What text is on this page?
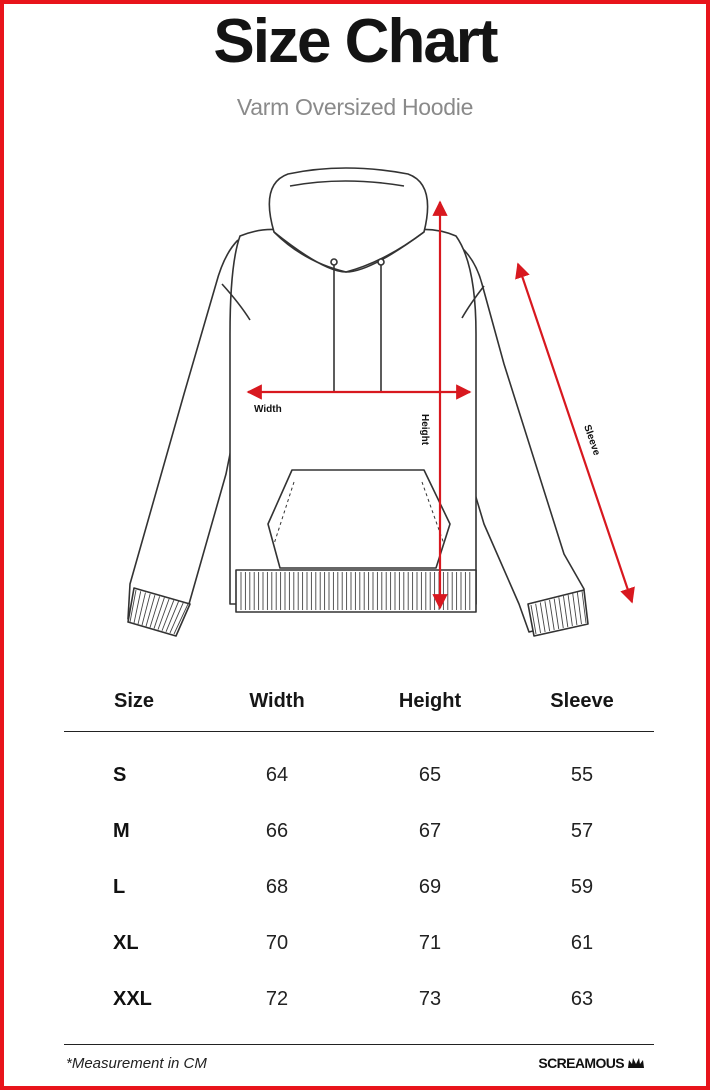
Size Chart
Varm Oversized Hoodie
Width
Height	Sleeve
Size	Width	Height	Sleeve
S	64	65	55
M	66	67	57
L	68	69	59
XL	70	71	61
XXL	72	73	63
*Measurement in CM	SCREAMOUS
